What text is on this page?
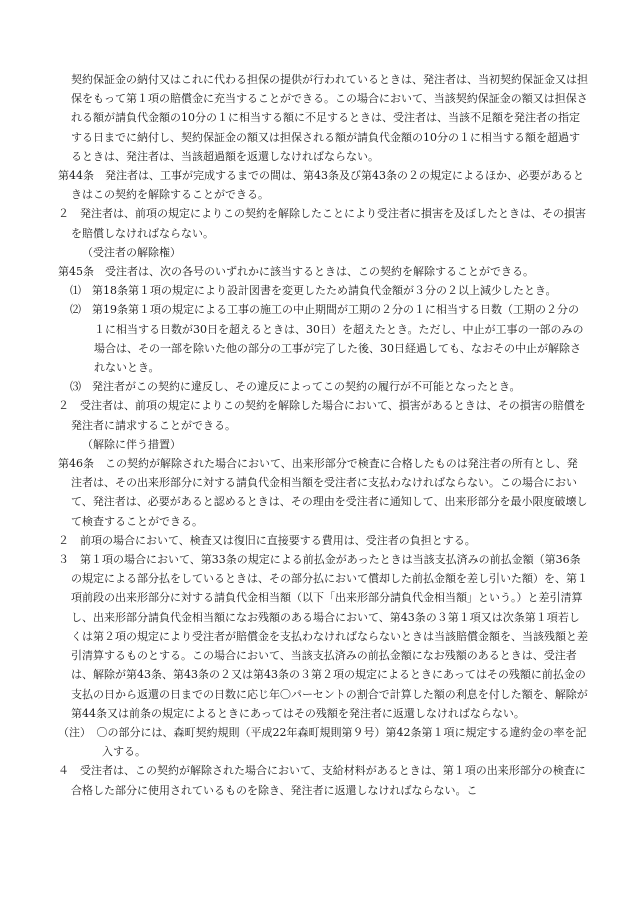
契約保証金の納付又はこれに代わる担保の提供が行われているときは、発注者は、当初契約保証金又は担保をもって第１項の賠償金に充当することができる。この場合において、当該契約保証金の額又は担保される額が請負代金額の10分の１に相当する額に不足するときは、受注者は、当該不足額を発注者の指定する日までに納付し、契約保証金の額又は担保される額が請負代金額の10分の１に相当する額を超過するときは、発注者は、当該超過額を返還しなければならない。

第44条　発注者は、工事が完成するまでの間は、第43条及び第43条の２の規定によるほか、必要があるときはこの契約を解除することができる。

２　発注者は、前項の規定によりこの契約を解除したことにより受注者に損害を及ぼしたときは、その損害を賠償しなければならない。

（受注者の解除権）

第45条　受注者は、次の各号のいずれかに該当するときは、この契約を解除することができる。

⑴　第18条第１項の規定により設計図書を変更したため請負代金額が３分の２以上減少したとき。

⑵　第19条第１項の規定による工事の施工の中止期間が工期の２分の１に相当する日数（工期の２分の１に相当する日数が30日を超えるときは、30日）を超えたとき。ただし、中止が工事の一部のみの場合は、その一部を除いた他の部分の工事が完了した後、30日経過しても、なおその中止が解除されないとき。

⑶　発注者がこの契約に違反し、その違反によってこの契約の履行が不可能となったとき。

２　受注者は、前項の規定によりこの契約を解除した場合において、損害があるときは、その損害の賠償を発注者に請求することができる。

（解除に伴う措置）

第46条　この契約が解除された場合において、出来形部分で検査に合格したものは発注者の所有とし、発注者は、その出来形部分に対する請負代金相当額を受注者に支払わなければならない。この場合において、発注者は、必要があると認めるときは、その理由を受注者に通知して、出来形部分を最小限度破壊して検査することができる。

２　前項の場合において、検査又は復旧に直接要する費用は、受注者の負担とする。

３　第１項の場合において、第33条の規定による前払金があったときは当該支払済みの前払金額（第36条の規定による部分払をしているときは、その部分払において償却した前払金額を差し引いた額）を、第１項前段の出来形部分に対する請負代金相当額（以下「出来形部分請負代金相当額」という。）と差引清算し、出来形部分請負代金相当額になお残額のある場合において、第43条の３第１項又は次条第１項若しくは第２項の規定により受注者が賠償金を支払わなければならないときは当該賠償金額を、当該残額と差引清算するものとする。この場合において、当該支払済みの前払金額になお残額のあるときは、受注者は、解除が第43条、第43条の２又は第43条の３第２項の規定によるときにあってはその残額に前払金の支払の日から返還の日までの日数に応じ年〇パーセントの割合で計算した額の利息を付した額を、解除が第44条又は前条の規定によるときにあってはその残額を発注者に返還しなければならない。

（注）　〇の部分には、森町契約規則（平成22年森町規則第９号）第42条第１項に規定する違約金の率を記入する。

４　受注者は、この契約が解除された場合において、支給材料があるときは、第１項の出来形部分の検査に合格した部分に使用されているものを除き、発注者に返還しなければならない。こ
